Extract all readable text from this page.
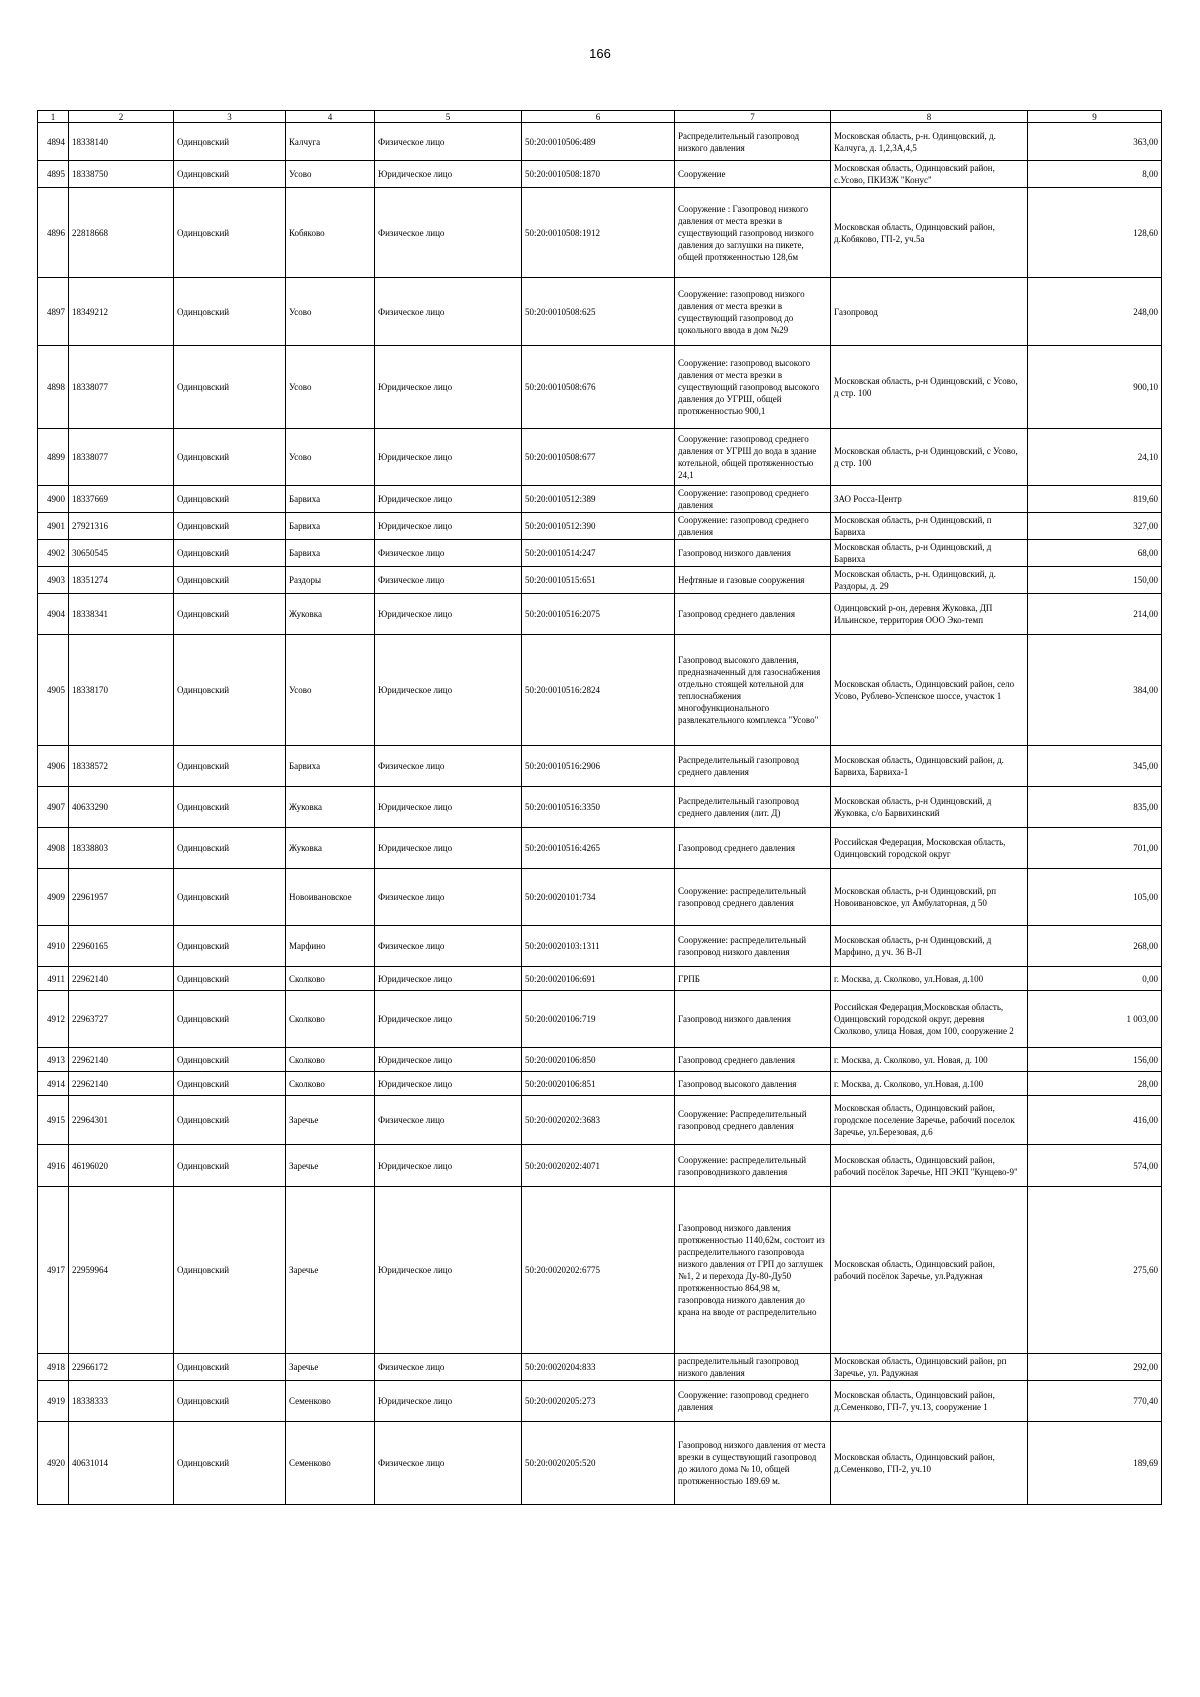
166
1	2	3	4	5	6	7	8	9
4894	18338140	Одинцовский	Калчуга	Физическое лицо	50:20:0010506:489	Распределительный газопровод низкого давления	Московская область, р-н. Одинцовский, д. Калчуга, д. 1,2,3А,4,5	363,00
4895	18338750	Одинцовский	Усово	Юридическое лицо	50:20:0010508:1870	Сооружение	Московская область, Одинцовский район, с.Усово, ПКИЗЖ "Конус"	8,00
4896	22818668	Одинцовский	Кобяково	Физическое лицо	50:20:0010508:1912	Сооружение : Газопровод низкого давления от места врезки в существующий газопровод низкого давления до заглушки на пикете, общей протяженностью 128,6м	Московская область, Одинцовский район, д.Кобяково, ГП-2, уч.5а	128,60
4897	18349212	Одинцовский	Усово	Физическое лицо	50:20:0010508:625	Сооружение: газопровод низкого давления от места врезки в существующий газопровод до цокольного ввода в дом №29	Газопровод	248,00
4898	18338077	Одинцовский	Усово	Юридическое лицо	50:20:0010508:676	Сооружение: газопровод высокого давления от места врезки в существующий газопровод высокого давления до УГРШ, общей протяженностью 900,1	Московская область, р-н Одинцовский, с Усово, д стр. 100	900,10
4899	18338077	Одинцовский	Усово	Юридическое лицо	50:20:0010508:677	Сооружение: газопровод среднего давления от УГРШ до вода в здание котельной, общей протяженностью 24,1	Московская область, р-н Одинцовский, с Усово, д стр. 100	24,10
4900	18337669	Одинцовский	Барвиха	Юридическое лицо	50:20:0010512:389	Сооружение: газопровод среднего давления	ЗАО Росса-Центр	819,60
4901	27921316	Одинцовский	Барвиха	Юридическое лицо	50:20:0010512:390	Сооружение: газопровод среднего давления	Московская область, р-н Одинцовский, п Барвиха	327,00
4902	30650545	Одинцовский	Барвиха	Физическое лицо	50:20:0010514:247	Газопровод низкого давления	Московская область, р-н Одинцовский, д Барвиха	68,00
4903	18351274	Одинцовский	Раздоры	Физическое лицо	50:20:0010515:651	Нефтяные и газовые сооружения	Московская область, р-н. Одинцовский, д. Раздоры, д. 29	150,00
4904	18338341	Одинцовский	Жуковка	Юридическое лицо	50:20:0010516:2075	Газопровод среднего давления	Одинцовский р-он, деревня Жуковка, ДП Ильинское, территория ООО Эко-темп	214,00
4905	18338170	Одинцовский	Усово	Юридическое лицо	50:20:0010516:2824	Газопровод высокого давления, предназначенный для газоснабжения отдельно стоящей котельной для теплоснабжения многофункционального развлекательного комплекса "Усово"	Московская область, Одинцовский район, село Усово, Рублево-Успенское шоссе, участок 1	384,00
4906	18338572	Одинцовский	Барвиха	Физическое лицо	50:20:0010516:2906	Распределительный газопровод среднего давления	Московская область, Одинцовский район, д. Барвиха, Барвиха-1	345,00
4907	40633290	Одинцовский	Жуковка	Юридическое лицо	50:20:0010516:3350	Распределительный газопровод среднего давления (лит. Д)	Московская область, р-н Одинцовский, д Жуковка, с/о Барвихинский	835,00
4908	18338803	Одинцовский	Жуковка	Юридическое лицо	50:20:0010516:4265	Газопровод среднего давления	Российская Федерация, Московская область, Одинцовский городской округ	701,00
4909	22961957	Одинцовский	Новоивановское	Физическое лицо	50:20:0020101:734	Сооружение: распределительный газопровод среднего давления	Московская область, р-н Одинцовский, рп Новоивановское, ул Амбулаторная, д 50	105,00
4910	22960165	Одинцовский	Марфино	Физическое лицо	50:20:0020103:1311	Сооружение: распределительный газопровод низкого давления	Московская область, р-н Одинцовский, д Марфино, д уч. 36 В-Л	268,00
4911	22962140	Одинцовский	Сколково	Юридическое лицо	50:20:0020106:691	ГРПБ	г. Москва, д. Сколково, ул.Новая, д.100	0,00
4912	22963727	Одинцовский	Сколково	Юридическое лицо	50:20:0020106:719	Газопровод низкого давления	Российская Федерация,Московская область, Одинцовский городской округ, деревня Сколково, улица Новая, дом 100, сооружение 2	1 003,00
4913	22962140	Одинцовский	Сколково	Юридическое лицо	50:20:0020106:850	Газопровод среднего давления	г. Москва, д. Сколково, ул. Новая, д. 100	156,00
4914	22962140	Одинцовский	Сколково	Юридическое лицо	50:20:0020106:851	Газопровод высокого давления	г. Москва, д. Сколково, ул.Новая, д.100	28,00
4915	22964301	Одинцовский	Заречье	Физическое лицо	50:20:0020202:3683	Сооружение: Распределительный газопровод среднего давления	Московская область, Одинцовский район, городское поселение Заречье, рабочий поселок Заречье, ул.Березовая, д.6	416,00
4916	46196020	Одинцовский	Заречье	Юридическое лицо	50:20:0020202:4071	Сооружение: распределительный газопроводнизкого давления	Московская область, Одинцовский район, рабочий посёлок Заречье, НП ЭКП "Кунцево-9"	574,00
4917	22959964	Одинцовский	Заречье	Юридическое лицо	50:20:0020202:6775	Газопровод низкого давления протяженностью 1140,62м, состоит из распределительного газопровода низкого давления от ГРП до заглушек №1, 2 и перехода Ду-80-Ду50 протяженностью 864,98 м, газопровода низкого давления до крана на вводе от распределительно	Московская область, Одинцовский район, рабочий посёлок Заречье, ул.Радужная	275,60
4918	22966172	Одинцовский	Заречье	Физическое лицо	50:20:0020204:833	распределительный газопровод низкого давления	Московская область, Одинцовский район, рп Заречье, ул. Радужная	292,00
4919	18338333	Одинцовский	Семенково	Юридическое лицо	50:20:0020205:273	Сооружение: газопровод среднего давления	Московская область, Одинцовский район, д.Семенково, ГП-7, уч.13, сооружение 1	770,40
4920	40631014	Одинцовский	Семенково	Физическое лицо	50:20:0020205:520	Газопровод низкого давления от места врезки в существующий газопровод до жилого дома № 10, общей протяженностью 189.69 м.	Московская область, Одинцовский район, д.Семенково, ГП-2, уч.10	189,69
